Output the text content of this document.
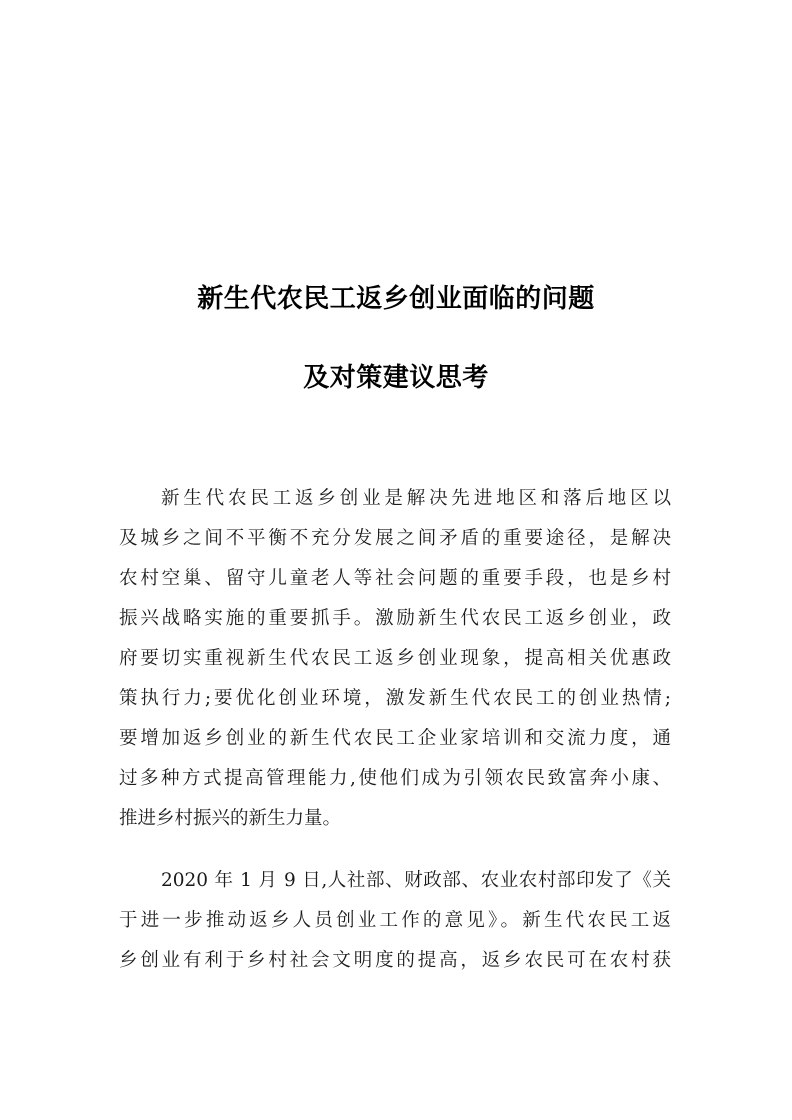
新生代农民工返乡创业面临的问题
及对策建议思考
新生代农民工返乡创业是解决先进地区和落后地区以
及城乡之间不平衡不充分发展之间矛盾的重要途径，是解决
农村空巢、留守儿童老人等社会问题的重要手段，也是乡村
振兴战略实施的重要抓手。激励新生代农民工返乡创业，政
府要切实重视新生代农民工返乡创业现象，提高相关优惠政
策执行力;要优化创业环境，激发新生代农民工的创业热情;
要增加返乡创业的新生代农民工企业家培训和交流力度，通
过多种方式提高管理能力,使他们成为引领农民致富奔小康、
推进乡村振兴的新生力量。
2020 年 1 月 9 日,人社部、财政部、农业农村部印发了《关
于进一步推动返乡人员创业工作的意见》。新生代农民工返
乡创业有利于乡村社会文明度的提高，返乡农民可在农村获
